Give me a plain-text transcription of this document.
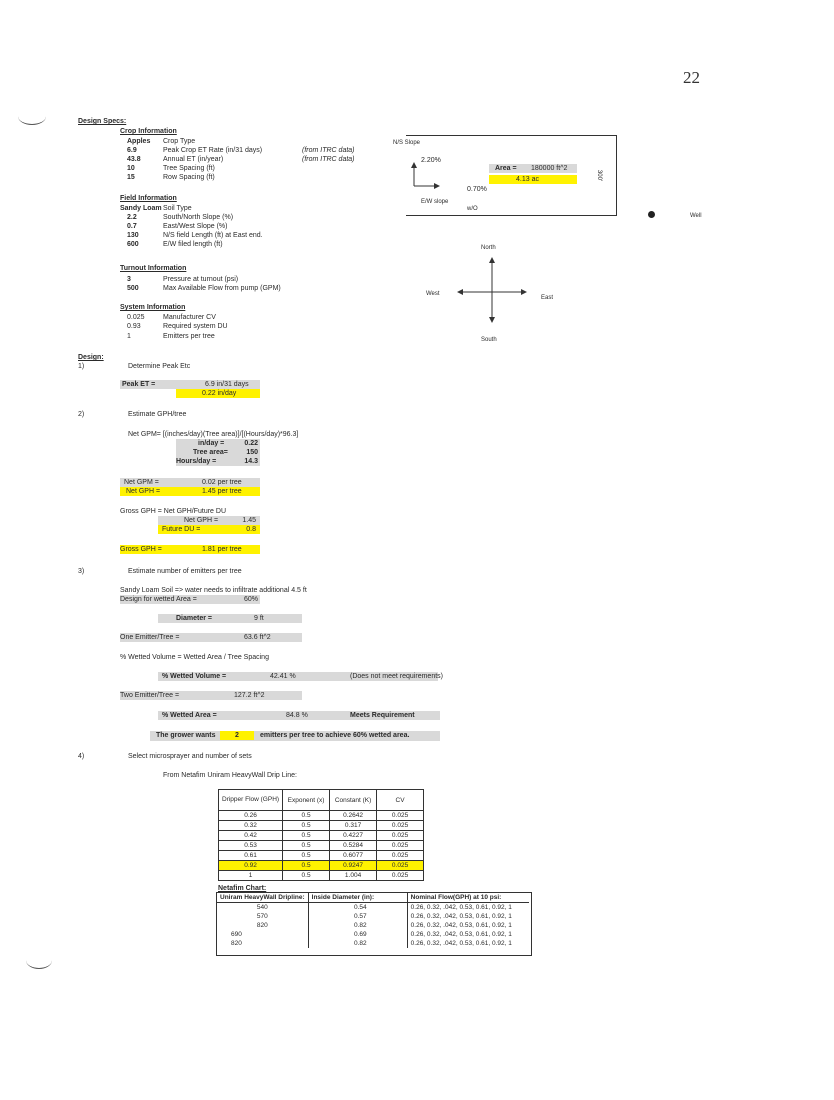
22
Design Specs:
Crop Information
Apples Crop Type
6.9	Peak Crop ET Rate (in/31 days)	(from ITRC data)
43.8	Annual ET (in/year)	(from ITRC data)
10	Tree Spacing (ft)
15	Row Spacing (ft)
Field Information
Sandy Loam Soil Type
2.2	South/North Slope (%)
0.7	East/West Slope (%)
130	N/S field Length (ft) at East end.
600	E/W filed length (ft)
Turnout Information
3	Pressure at turnout (psi)
500	Max Available Flow from pump (GPM)
System Information
0.025	Manufacturer CV
0.93	Required system DU
1	Emitters per tree
N/S Slope
2.20%
Area = 180000 ft^2
4.13 ac
0.70%
300'
E/W slope
w/O
Well
North
South
East
West
Design:
1)	Determine Peak Etc
Peak ET =	6.9 in/31 days
0.22 in/day
2)	Estimate GPH/tree
Net GPM= [(inches/day)(Tree area)]/[(Hours/day)*96.3]
in/day =	0.22
Tree area=	150
Hours/day =	14.3
Net GPM =	0.02 per tree
Net GPH =	1.45 per tree
Gross GPH = Net GPH/Future DU
Net GPH =	1.45
Future DU =	0.8
Gross GPH =	1.81 per tree
3)	Estimate number of emitters per tree
Sandy Loam Soil => water needs to infiltrate additional 4.5 ft
Design for wetted Area =	60%
Diameter =	9 ft
One Emitter/Tree =	63.6 ft^2
% Wetted Volume = Wetted Area / Tree Spacing
% Wetted Volume =	42.41 %	(Does not meet requirements)
Two Emitter/Tree =	127.2 ft^2
% Wetted Area =	84.8 %	Meets Requirement
The grower wants	2	emitters per tree to achieve 60% wetted area.
4)	Select microsprayer and number of sets
From Netafim Uniram HeavyWall Drip Line:
Dripper Flow (GPH)	Exponent (x)	Constant (K)	CV
0.26	0.5	0.2642	0.025
0.32	0.5	0.317	0.025
0.42	0.5	0.4227	0.025
0.53	0.5	0.5284	0.025
0.61	0.5	0.6077	0.025
0.92	0.5	0.9247	0.025
1	0.5	1.004	0.025
Netafim Chart:
Uniram HeavyWall Dripline:	Inside Diameter (in):	Nominal Flow(GPH) at 10 psi:
540	0.54	0.26, 0.32, .042, 0.53, 0.61, 0.92, 1
570	0.57	0.26, 0.32, .042, 0.53, 0.61, 0.92, 1
820	0.82	0.26, 0.32, .042, 0.53, 0.61, 0.92, 1
690	0.69	0.26, 0.32, .042, 0.53, 0.61, 0.92, 1
820	0.82	0.26, 0.32, .042, 0.53, 0.61, 0.92, 1
